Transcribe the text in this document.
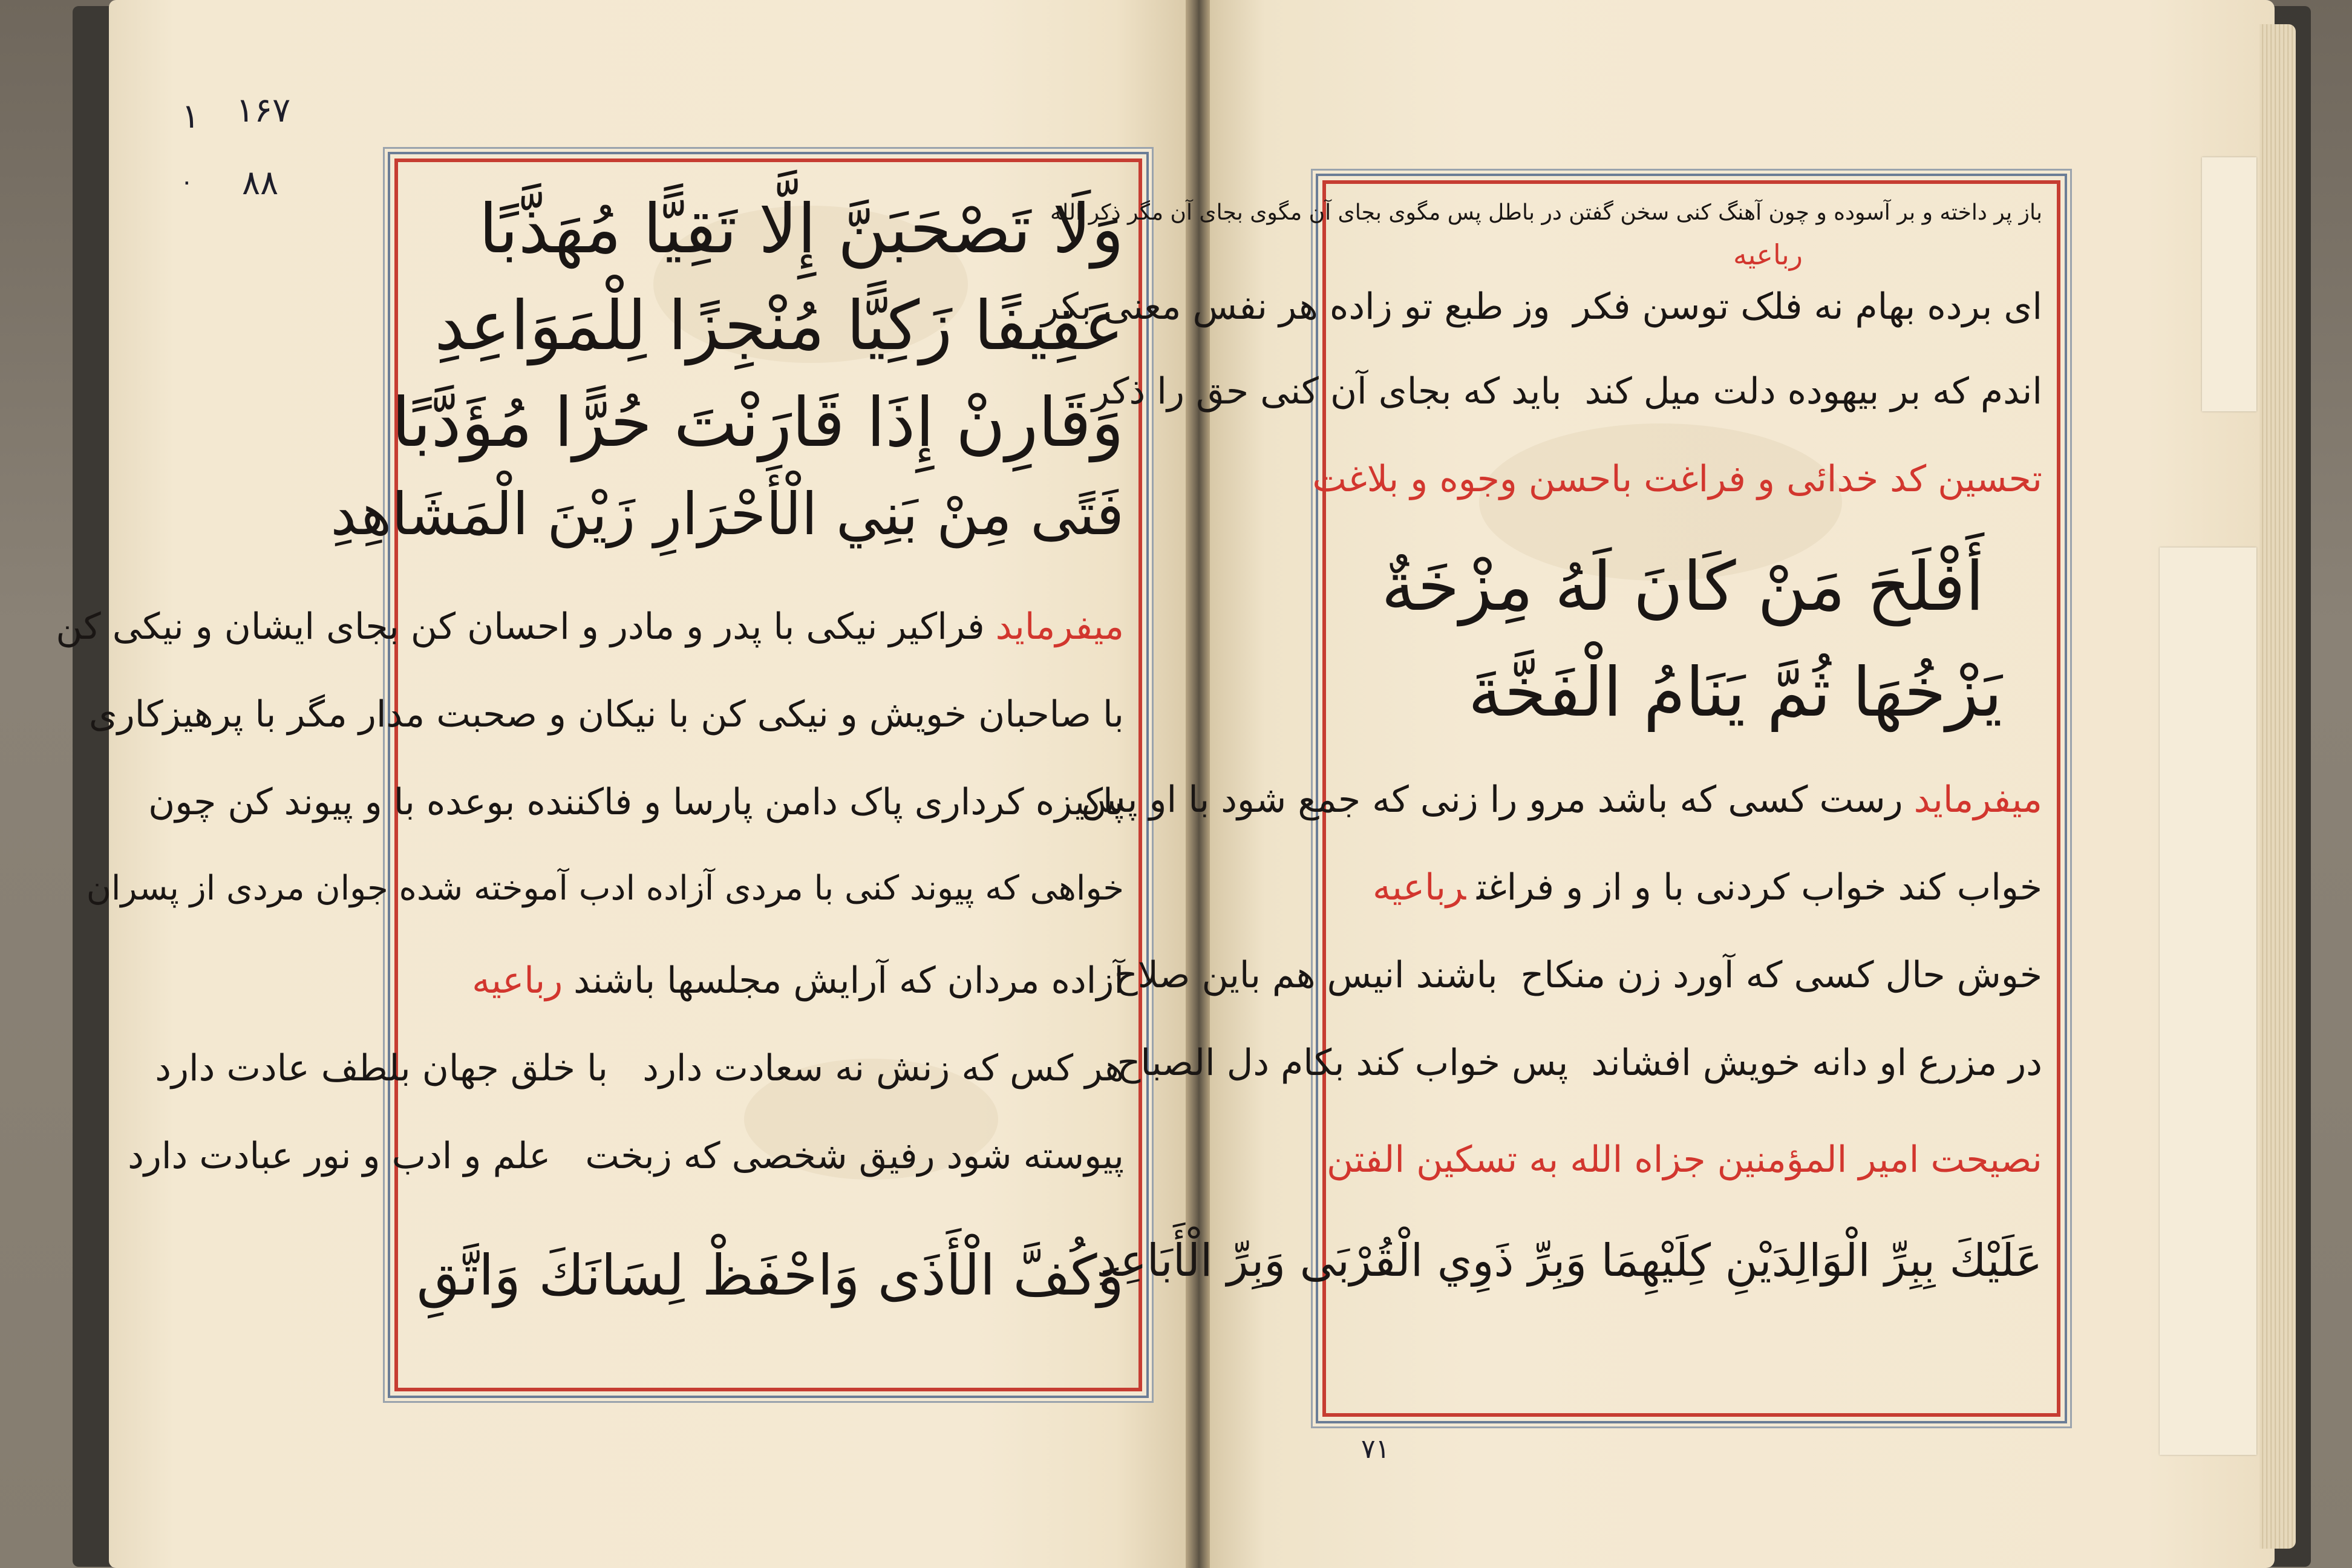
۱۶۷
۸۸
۱
۰
۷۱
وَلَا تَصْحَبَنَّ إِلَّا تَقِيًّا مُهَذَّبًا
عَفِيفًا زَكِيًّا مُنْجِزًا لِلْمَوَاعِدِ
وَقَارِنْ إِذَا قَارَنْتَ حُرًّا مُؤَدَّبًا
فَتًى مِنْ بَنِي الْأَحْرَارِ زَيْنَ الْمَشَاهِدِ
میفرمایدفراکیر نیکی با پدر و مادر و احسان کن بجای ایشان و نیکی کن
با صاحبان خویش و نیکی کن با نیکان و صحبت مدار مگر با پرهیزکاری
پاکیزه کرداری پاک دامن پارسا و فاکننده بوعده با و پیوند کن چون
خواهی که پیوند کنی با مردی آزاده ادب آموخته شده جوان مردی از پسران
آزاده مردان که آرایش مجلسها باشندرباعیه
هر کس که زنش نه سعادت دارد   با خلق جهان بلطف عادت دارد
پیوسته شود رفیق شخصی که زبخت   علم و ادب و نور عبادت دارد
وَكُفَّ الْأَذَى وَاحْفَظْ لِسَانَكَ وَاتَّقِ
باز پر داخته و بر آسوده و چون آهنگ کنی سخن گفتن در باطل پس مگوی بجای آن مگوی بجای آن مگر ذکر الله
رباعیه
ای برده بهام نه فلک توسن فکر  وز طبع تو زاده هر نفس معنی بکر
اندم که بر بیهوده دلت میل کند  باید که بجای آن کنی حق را ذکر
تحسین کد خدائی و فراغت باحسن وجوه و بلاغت
أَفْلَحَ مَنْ كَانَ لَهُ مِزْخَةٌ
يَزْخُهَا ثُمَّ يَنَامُ الْفَخَّةَ
میفرمایدرست کسی که باشد مرو را زنی که جمع شود با او پس
خواب کند خواب کردنی با و از و فراغترباعیه
خوش حال کسی که آورد زن منکاح  باشند انیس هم باین صلاح
در مزرع او دانه خویش افشاند  پس خواب کند بکام دل الصباح
نصیحت امیر المؤمنین جزاه الله به تسکین الفتن
عَلَيْكَ بِبِرِّ الْوَالِدَيْنِ كِلَيْهِمَا وَبِرِّ ذَوِي الْقُرْبَى وَبِرِّ الْأَبَاعِدِ
